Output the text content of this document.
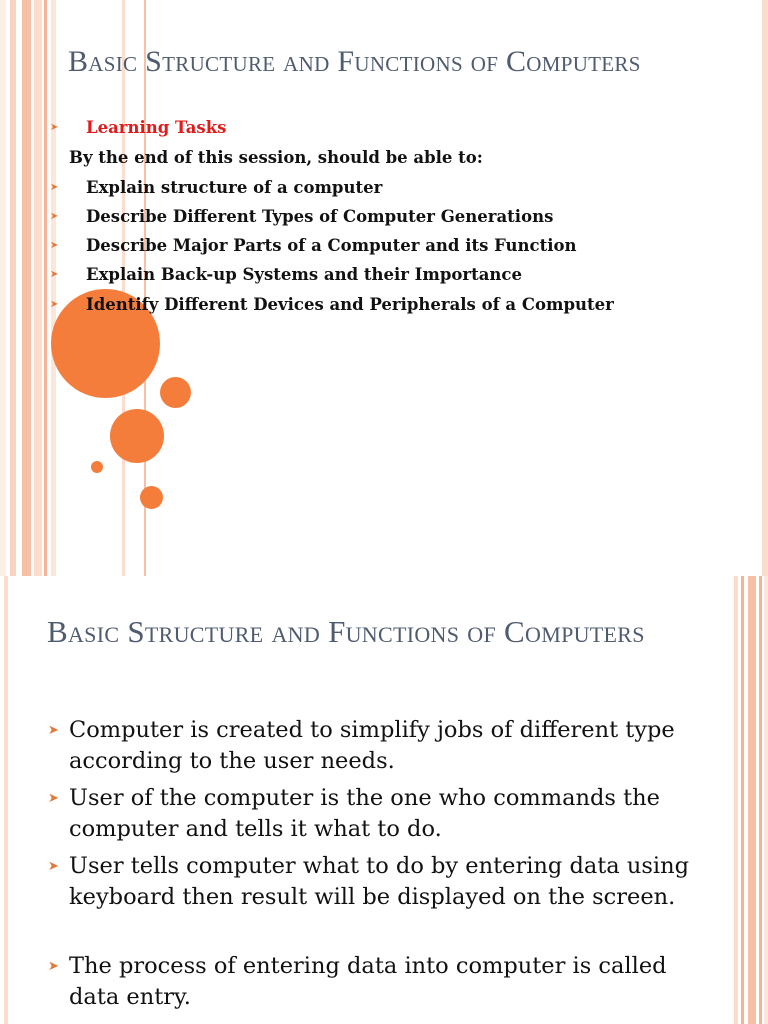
Basic Structure and Functions of Computers
➤ Learning Tasks

By the end of this session, should be able to:

➤ Explain structure of a computer

➤ Describe Different Types of Computer Generations

➤ Describe Major Parts of a Computer and its Function

➤ Explain Back-up Systems and their Importance

➤ Identify Different Devices and Peripherals of a Computer

Basic Structure and Functions of Computers
➤ Computer is created to simplify jobs of different type according to the user needs.

➤ User of the computer is the one who commands the computer and tells it what to do.

➤ User tells computer what to do by entering data using keyboard then result will be displayed on the screen.

➤ The process of entering data into computer is called data entry.
